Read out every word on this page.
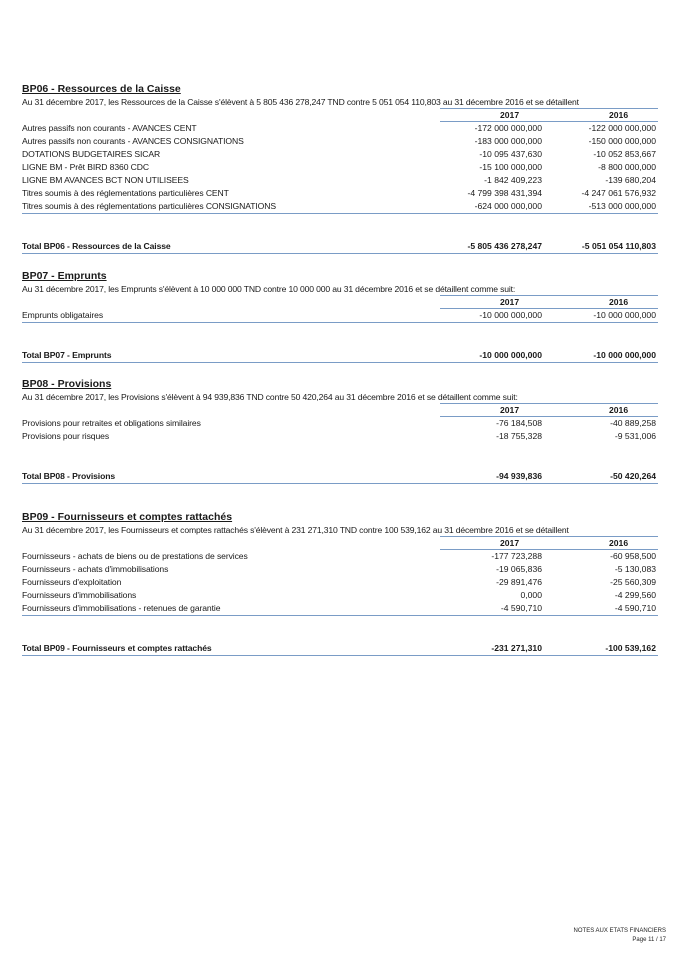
BP06 - Ressources de la Caisse
Au 31 décembre 2017, les Ressources de la Caisse s'élèvent à 5 805 436 278,247 TND contre 5 051 054 110,803 au 31 décembre 2016 et se détaillent
2017	2016
Autres passifs non courants - AVANCES CENT	-172 000 000,000	-122 000 000,000
Autres passifs non courants - AVANCES CONSIGNATIONS	-183 000 000,000	-150 000 000,000
DOTATIONS BUDGETAIRES SICAR	-10 095 437,630	-10 052 853,667
LIGNE BM - Prêt BIRD 8360 CDC	-15 100 000,000	-8 800 000,000
LIGNE BM AVANCES BCT NON UTILISEES	-1 842 409,223	-139 680,204
Titres soumis à des réglementations particulières CENT	-4 799 398 431,394	-4 247 061 576,932
Titres soumis à des réglementations particulières CONSIGNATIONS	-624 000 000,000	-513 000 000,000
Total BP06 - Ressources de la Caisse	-5 805 436 278,247	-5 051 054 110,803
BP07 - Emprunts
Au 31 décembre 2017, les Emprunts s'élèvent à 10 000 000 TND contre 10 000 000 au 31 décembre 2016 et se détaillent comme suit:
2017	2016
Emprunts obligataires	-10 000 000,000	-10 000 000,000
Total BP07 - Emprunts	-10 000 000,000	-10 000 000,000
BP08 - Provisions
Au 31 décembre 2017, les Provisions s'élèvent à 94 939,836 TND contre 50 420,264 au 31 décembre 2016 et se détaillent comme suit:
2017	2016
Provisions pour retraites et obligations similaires	-76 184,508	-40 889,258
Provisions pour risques	-18 755,328	-9 531,006
Total BP08 - Provisions	-94 939,836	-50 420,264
BP09 - Fournisseurs et comptes rattachés
Au 31 décembre 2017, les Fournisseurs et comptes rattachés s'élèvent à 231 271,310 TND contre 100 539,162 au 31 décembre 2016 et se détaillent
2017	2016
Fournisseurs - achats de biens ou de prestations de services	-177 723,288	-60 958,500
Fournisseurs - achats d'immobilisations	-19 065,836	-5 130,083
Fournisseurs d'exploitation	-29 891,476	-25 560,309
Fournisseurs d'immobilisations	0,000	-4 299,560
Fournisseurs d'immobilisations - retenues de garantie	-4 590,710	-4 590,710
Total BP09 - Fournisseurs et comptes rattachés	-231 271,310	-100 539,162
NOTES AUX ETATS FINANCIERS
Page 11 / 17
